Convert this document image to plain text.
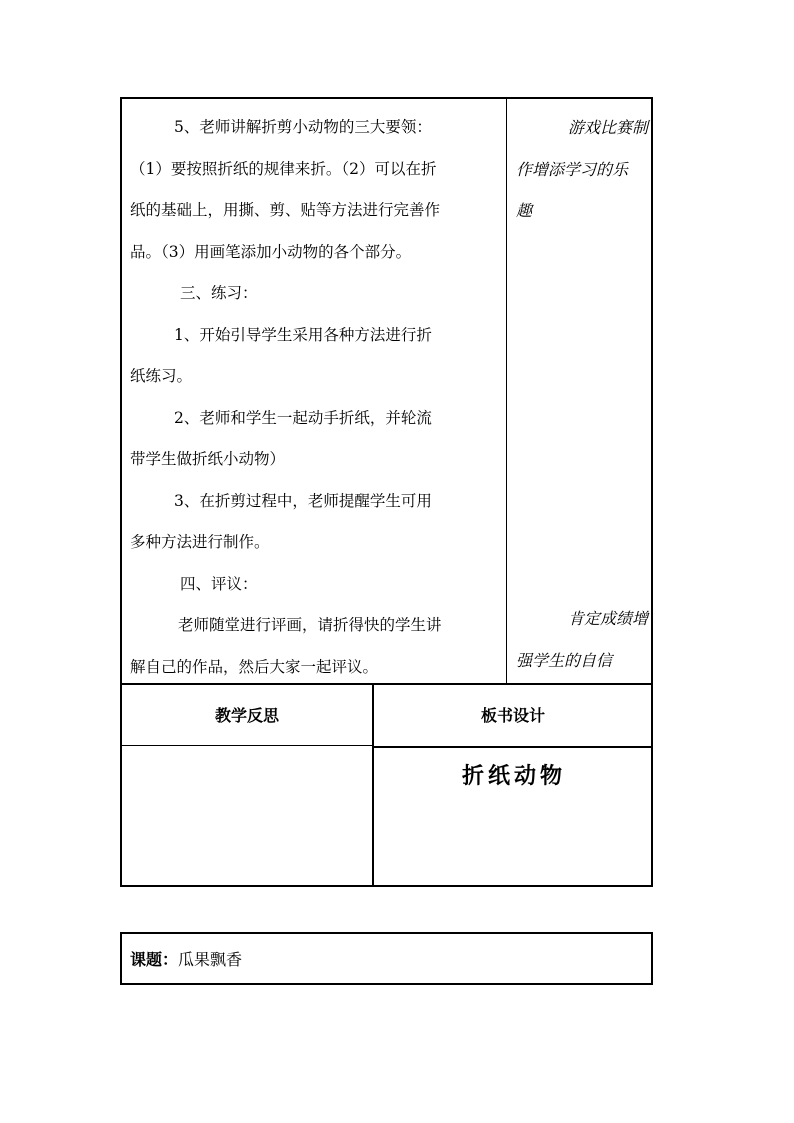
5、老师讲解折剪小动物的三大要领：

（1）要按照折纸的规律来折。（2）可以在折

纸的基础上，用撕、剪、贴等方法进行完善作

品。（3）用画笔添加小动物的各个部分。

三、练习：

1、开始引导学生采用各种方法进行折

纸练习。

2、老师和学生一起动手折纸，并轮流

带学生做折纸小动物）

3、在折剪过程中，老师提醒学生可用

多种方法进行制作。

四、评议：

老师随堂进行评画，请折得快的学生讲

解自己的作品，然后大家一起评议。

游戏比赛制

作增添学习的乐

趣

肯定成绩增

强学生的自信

教学反思	板书设计
折纸动物
课题： 瓜果飘香
